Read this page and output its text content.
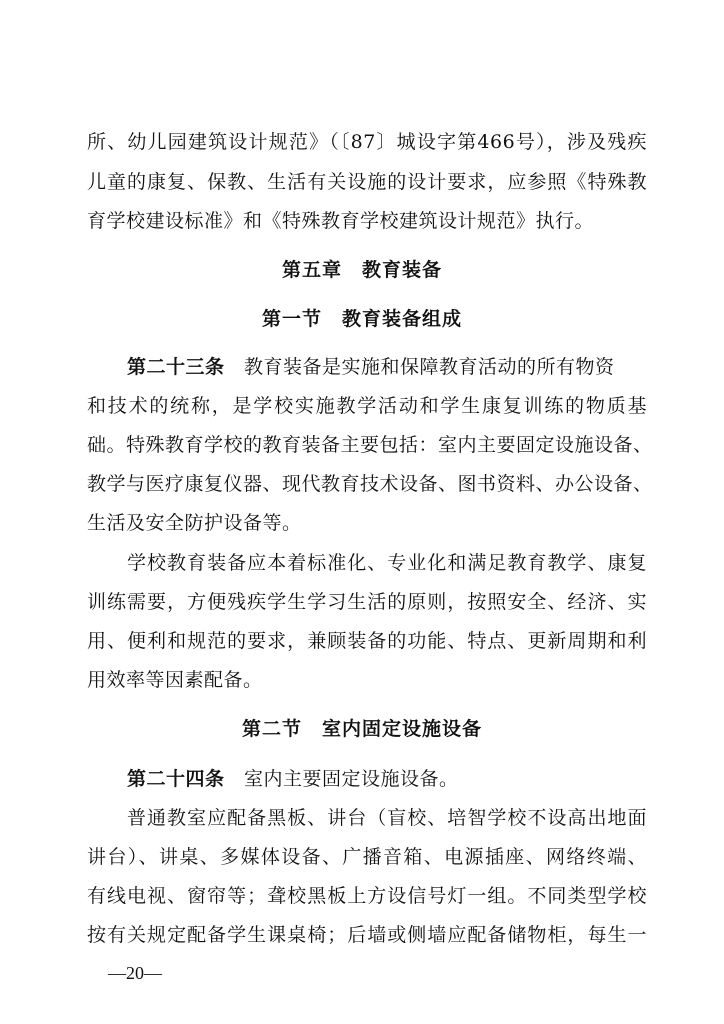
所、幼儿园建筑设计规范》（〔87〕城设字第466号），涉及残疾
儿童的康复、保教、生活有关设施的设计要求，应参照《特殊教
育学校建设标准》和《特殊教育学校建筑设计规范》执行。
第五章　教育装备
第一节　教育装备组成
第二十三条　教育装备是实施和保障教育活动的所有物资
和技术的统称，是学校实施教学活动和学生康复训练的物质基
础。特殊教育学校的教育装备主要包括：室内主要固定设施设备、
教学与医疗康复仪器、现代教育技术设备、图书资料、办公设备、
生活及安全防护设备等。
学校教育装备应本着标准化、专业化和满足教育教学、康复
训练需要，方便残疾学生学习生活的原则，按照安全、经济、实
用、便利和规范的要求，兼顾装备的功能、特点、更新周期和利
用效率等因素配备。
第二节　室内固定设施设备
第二十四条　室内主要固定设施设备。
普通教室应配备黑板、讲台（盲校、培智学校不设高出地面
讲台）、讲桌、多媒体设备、广播音箱、电源插座、网络终端、
有线电视、窗帘等；聋校黑板上方设信号灯一组。不同类型学校
按有关规定配备学生课桌椅；后墙或侧墙应配备储物柜，每生一
—20—
